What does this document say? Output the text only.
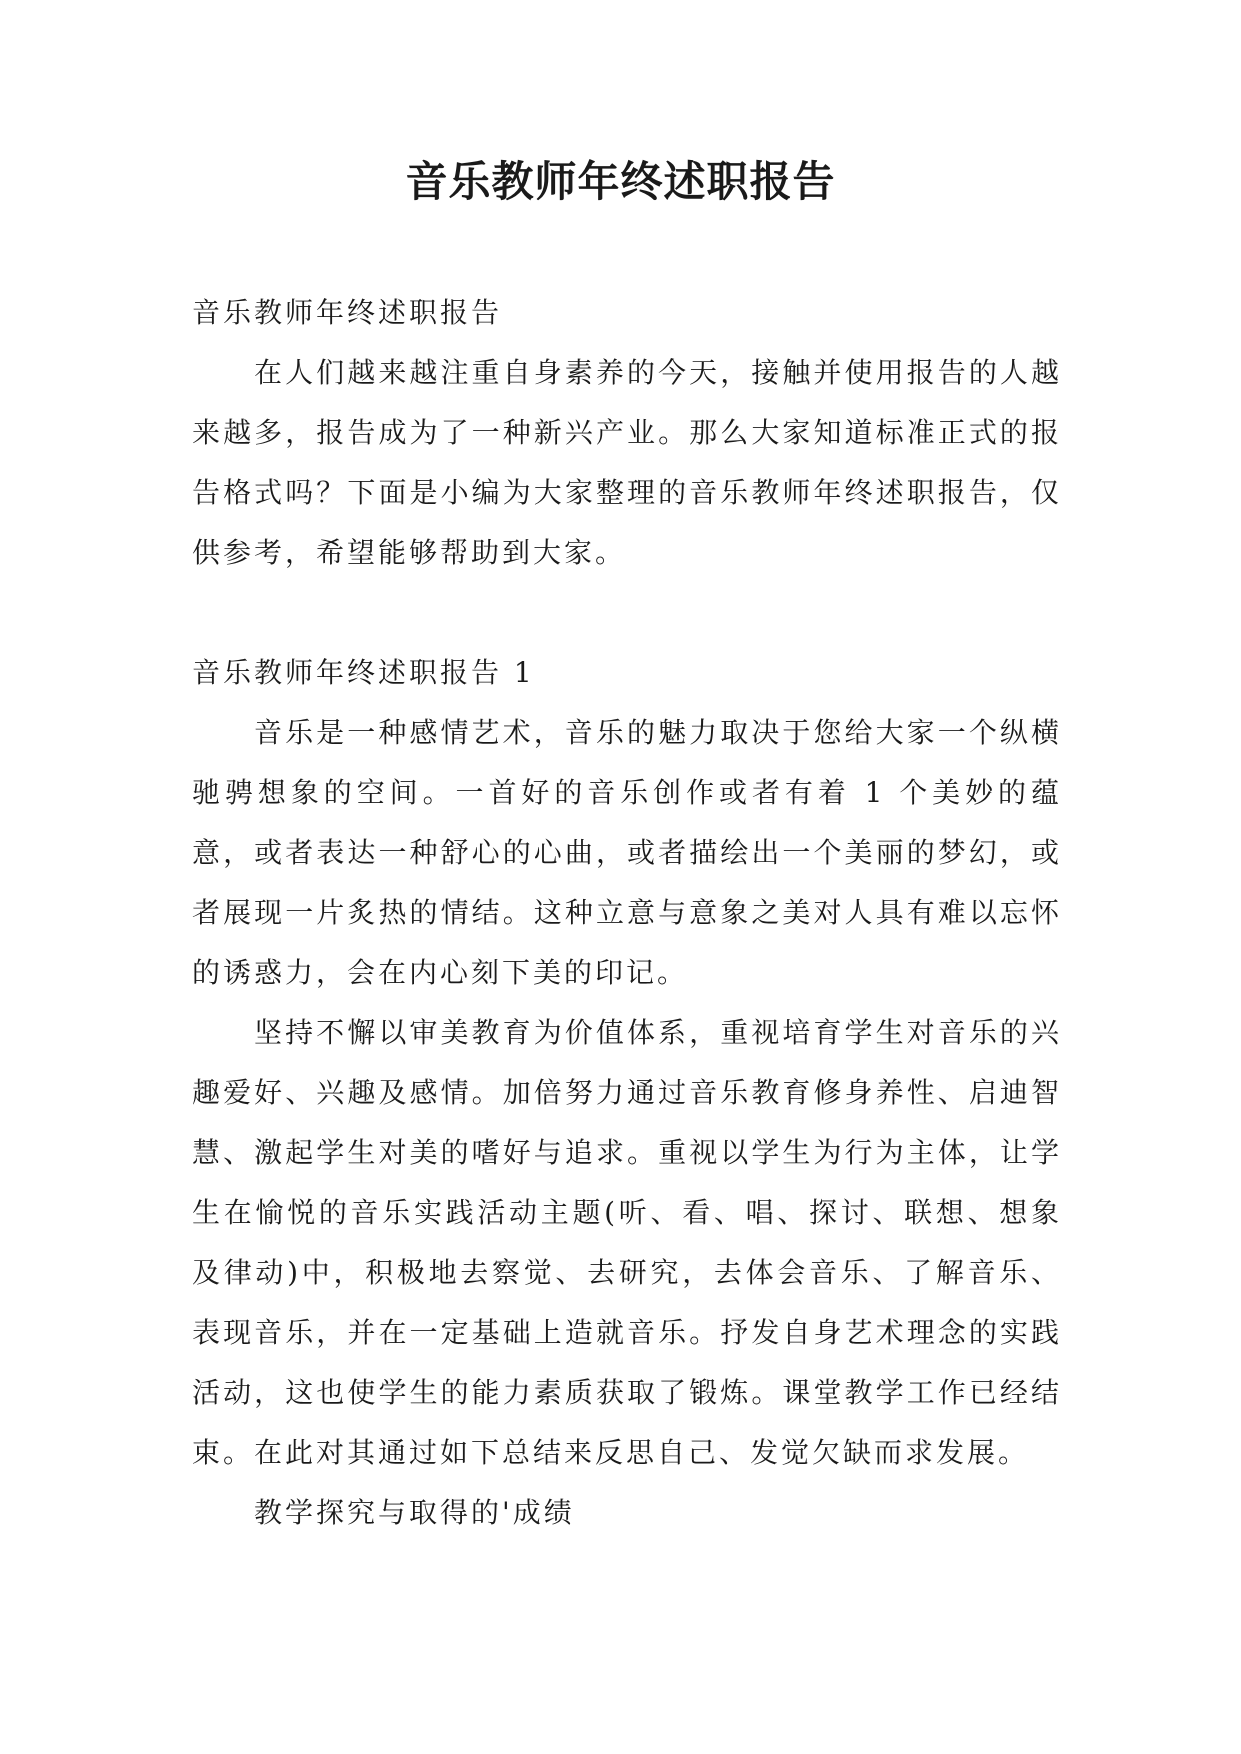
音乐教师年终述职报告

音乐教师年终述职报告

在人们越来越注重自身素养的今天，接触并使用报告的人越来越多，报告成为了一种新兴产业。那么大家知道标准正式的报告格式吗？下面是小编为大家整理的音乐教师年终述职报告，仅供参考，希望能够帮助到大家。

音乐教师年终述职报告 1

音乐是一种感情艺术，音乐的魅力取决于您给大家一个纵横驰骋想象的空间。一首好的音乐创作或者有着 1 个美妙的蕴意，或者表达一种舒心的心曲，或者描绘出一个美丽的梦幻，或者展现一片炙热的情结。这种立意与意象之美对人具有难以忘怀的诱惑力，会在内心刻下美的印记。

坚持不懈以审美教育为价值体系，重视培育学生对音乐的兴趣爱好、兴趣及感情。加倍努力通过音乐教育修身养性、启迪智慧、激起学生对美的嗜好与追求。重视以学生为行为主体，让学生在愉悦的音乐实践活动主题(听、看、唱、探讨、联想、想象及律动)中，积极地去察觉、去研究，去体会音乐、了解音乐、表现音乐，并在一定基础上造就音乐。抒发自身艺术理念的实践活动，这也使学生的能力素质获取了锻炼。课堂教学工作已经结束。在此对其通过如下总结来反思自己、发觉欠缺而求发展。

教学探究与取得的'成绩
